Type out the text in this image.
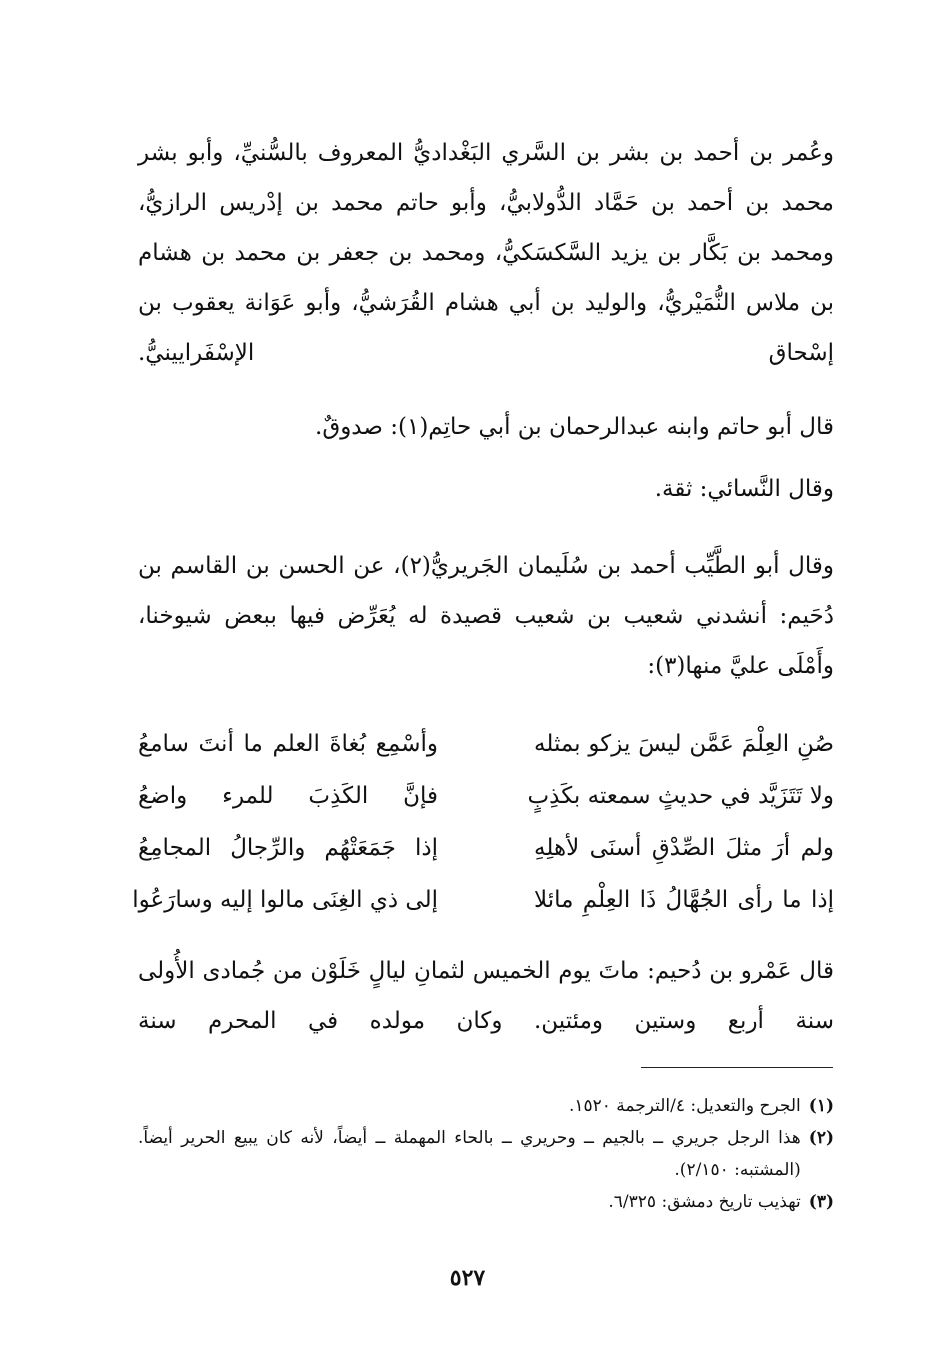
وعُمر بن أحمد بن بشر بن السَّري البَغْداديُّ المعروف بالسُّنيِّ، وأبو بشر محمد بن أحمد بن حَمَّاد الدُّولابيُّ، وأبو حاتم محمد بن إدْريس الرازيُّ، ومحمد بن بَكَّار بن يزيد السَّكسَكيُّ، ومحمد بن جعفر بن محمد بن هشام بن ملاس النُّمَيْريُّ، والوليد بن أبي هشام القُرَشيُّ، وأبو عَوَانة يعقوب بن إسْحاق الإسْفَرايينيُّ.

قال أبو حاتم وابنه عبدالرحمان بن أبي حاتِم(١): صدوقٌ.

وقال النَّسائي: ثقة.

وقال أبو الطَّيِّب أحمد بن سُلَيمان الجَريريُّ(٢)، عن الحسن بن القاسم بن دُحَيم: أنشدني شعيب بن شعيب قصيدة له يُعَرِّض فيها ببعض شيوخنا، وأَمْلَى عليَّ منها(٣):

صُنِ العِلْمَ عَمَّن ليسَ يزكو بمثله
وأسْمِع بُغاةَ العلم ما أنتَ سامعُ
ولا تَتَزَيَّد في حديثٍ سمعته بكَذِبٍ
فإنَّ الكَذِبَ للمرء واضعُ
ولم أرَ مثلَ الصِّدْقِ أسنَى لأهلِهِ
إذا جَمَعَتْهُم والرِّجالُ المجامِعُ
إذا ما رأى الجُهَّالُ ذَا العِلْمِ مائلا
إلى ذي الغِنَى مالوا إليه وسارَعُوا

قال عَمْرو بن دُحيم: ماتَ يوم الخميس لثمانِ ليالٍ خَلَوْن من جُمادى الأُولى سنة أربع وستين ومئتين. وكان مولده في المحرم سنة

(١)
الجرح والتعديل: ٤/الترجمة ١٥٢٠.
(٢)
هذا الرجل جريري ــ بالجيم ــ وحريري ــ بالحاء المهملة ــ أيضاً، لأنه كان يبيع الحرير أيضاً. (المشتبه: ٢/١٥٠).
(٣)
تهذيب تاريخ دمشق: ٦/٣٢٥.
٥٢٧
